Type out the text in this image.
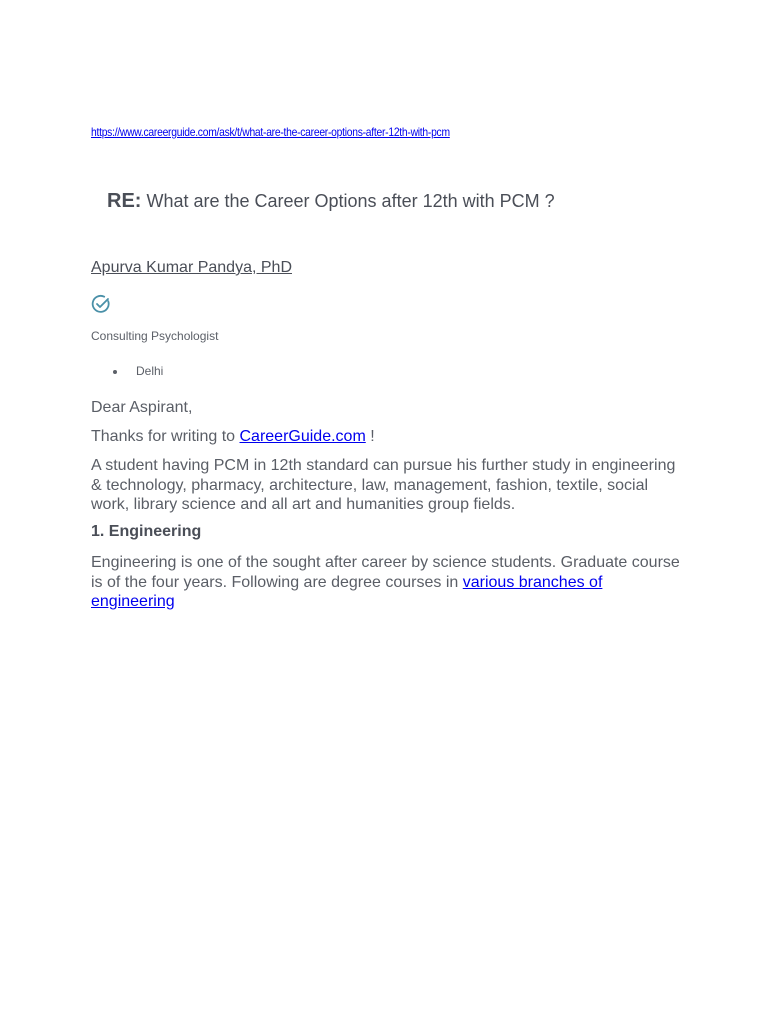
https://www.careerguide.com/ask/t/what-are-the-career-options-after-12th-with-pcm
RE: What are the Career Options after 12th with PCM ?
Apurva Kumar Pandya, PhD
Consulting Psychologist
Delhi
Dear Aspirant,
Thanks for writing to CareerGuide.com !
A student having PCM in 12th standard can pursue his further study in engineering & technology, pharmacy, architecture, law, management, fashion, textile, social work, library science and all art and humanities group fields.
1. Engineering
Engineering is one of the sought after career by science students. Graduate course is of the four years. Following are degree courses in various branches of engineering
